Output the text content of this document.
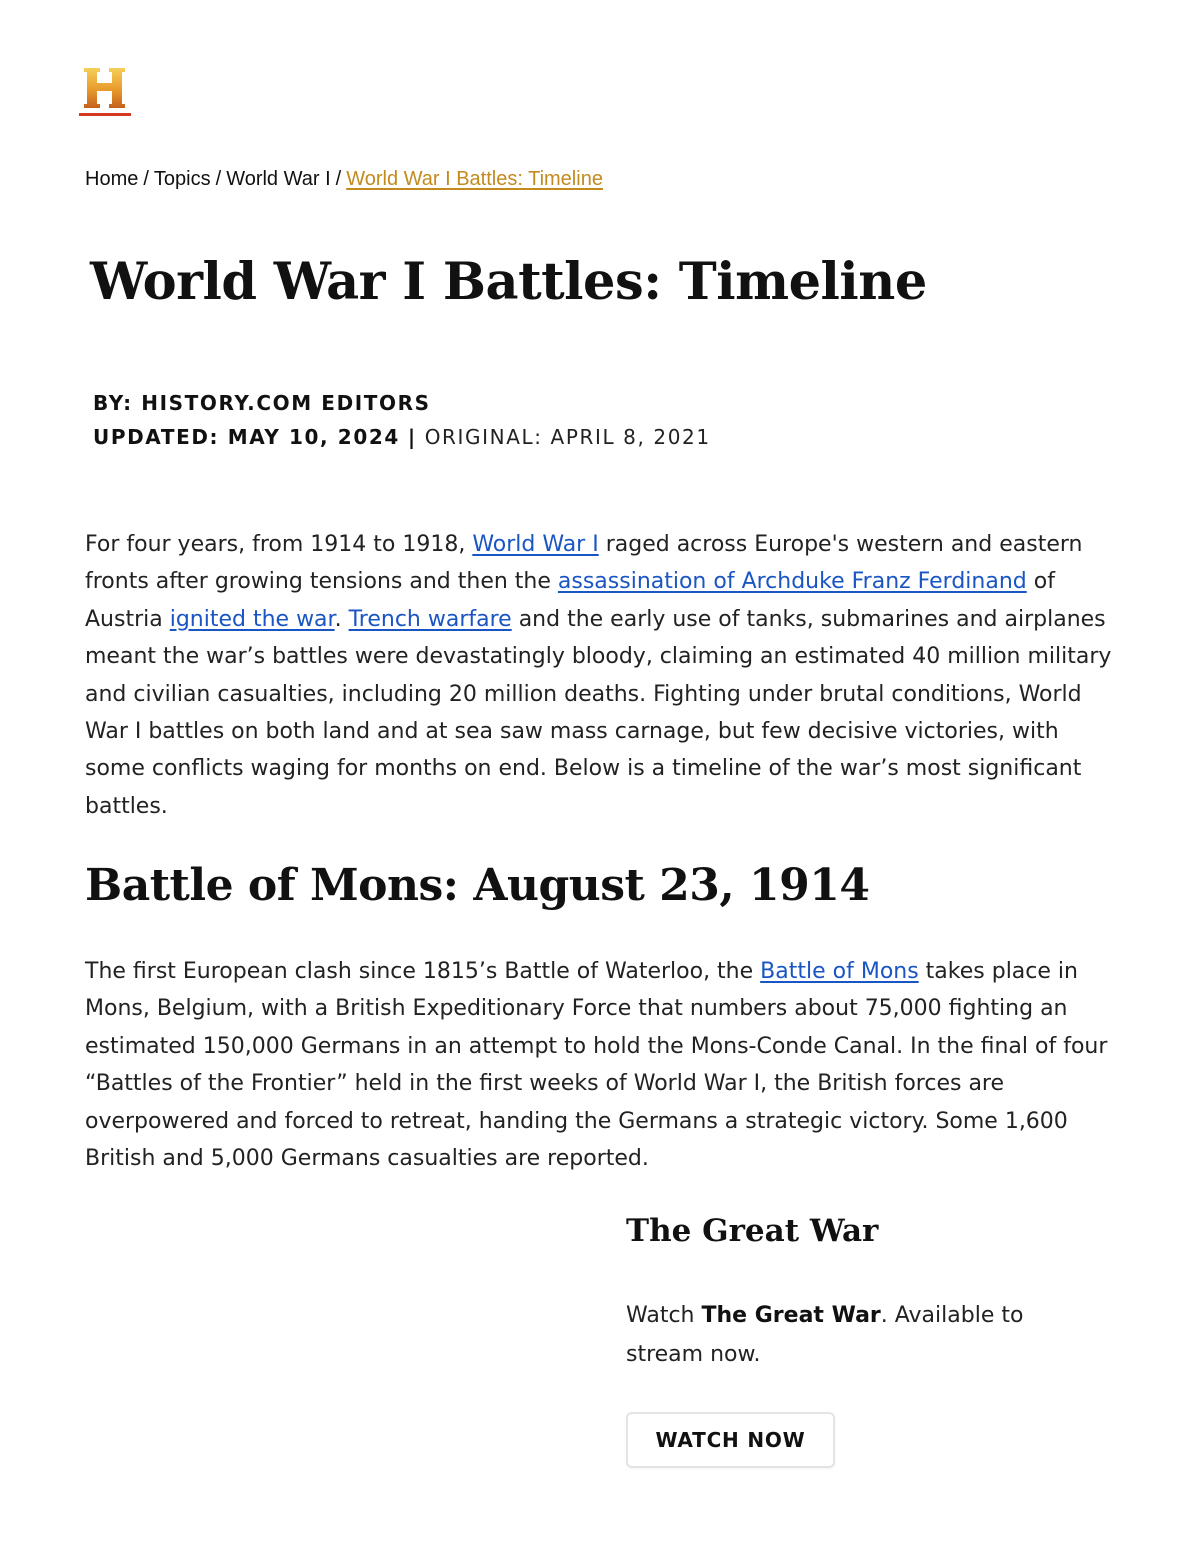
Home / Topics / World War I / World War I Battles: Timeline
World War I Battles: Timeline
BY: HISTORY.COM EDITORS
UPDATED: MAY 10, 2024 | ORIGINAL: APRIL 8, 2021

For four years, from 1914 to 1918, World War I raged across Europe's western and eastern fronts after growing tensions and then the assassination of Archduke Franz Ferdinand of Austria ignited the war. Trench warfare and the early use of tanks, submarines and airplanes meant the war’s battles were devastatingly bloody, claiming an estimated 40 million military and civilian casualties, including 20 million deaths. Fighting under brutal conditions, World War I battles on both land and at sea saw mass carnage, but few decisive victories, with some conflicts waging for months on end. Below is a timeline of the war’s most significant battles.

Battle of Mons: August 23, 1914

The first European clash since 1815’s Battle of Waterloo, the Battle of Mons takes place in Mons, Belgium, with a British Expeditionary Force that numbers about 75,000 fighting an estimated 150,000 Germans in an attempt to hold the Mons-Conde Canal. In the final of four “Battles of the Frontier” held in the first weeks of World War I, the British forces are overpowered and forced to retreat, handing the Germans a strategic victory. Some 1,600 British and 5,000 Germans casualties are reported.

The Great War

Watch The Great War. Available to stream now.

WATCH NOW
